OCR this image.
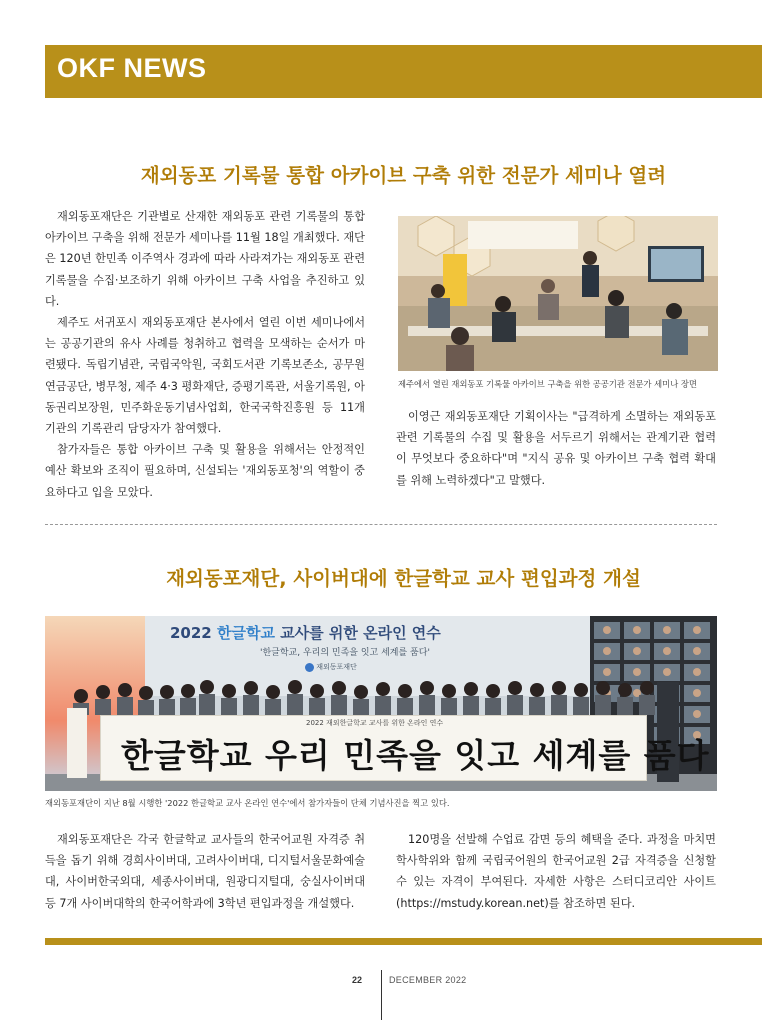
OKF NEWS
재외동포 기록물 통합 아카이브 구축 위한 전문가 세미나 열려

재외동포재단은 기관별로 산재한 재외동포 관련 기록물의 통합 아카이브 구축을 위해 전문가 세미나를 11월 18일 개최했다. 재단은 120년 한민족 이주역사 경과에 따라 사라져가는 재외동포 관련 기록물을 수집·보조하기 위해 아카이브 구축 사업을 추진하고 있다.

제주도 서귀포시 재외동포재단 본사에서 열린 이번 세미나에서는 공공기관의 유사 사례를 청취하고 협력을 모색하는 순서가 마련됐다. 독립기념관, 국립국악원, 국회도서관 기록보존소, 공무원연금공단, 병무청, 제주 4·3 평화재단, 증평기록관, 서울기록원, 아동권리보장원, 민주화운동기념사업회, 한국국학진흥원 등 11개 기관의 기록관리 담당자가 참여했다.

참가자들은 통합 아카이브 구축 및 활용을 위해서는 안정적인 예산 확보와 조직이 필요하며, 신설되는 '재외동포청'의 역할이 중요하다고 입을 모았다.

제주에서 열린 재외동포 기록물 아카이브 구축을 위한 공공기관 전문가 세미나 장면

이영근 재외동포재단 기획이사는 "급격하게 소멸하는 재외동포 관련 기록물의 수집 및 활용을 서두르기 위해서는 관계기관 협력이 무엇보다 중요하다"며 "지식 공유 및 아카이브 구축 협력 확대를 위해 노력하겠다"고 말했다.

재외동포재단, 사이버대에 한글학교 교사 편입과정 개설
2022 한글학교 교사를 위한 온라인 연수
'한글학교, 우리의 민족을 잇고 세계를 품다'
재외동포재단
2022 재외한글학교 교사를 위한 온라인 연수
한글학교 우리 민족을 잇고 세계를 품다
재외동포재단이 지난 8월 시행한 '2022 한글학교 교사 온라인 연수'에서 참가자들이 단체 기념사진을 찍고 있다.

재외동포재단은 각국 한글학교 교사들의 한국어교원 자격증 취득을 돕기 위해 경희사이버대, 고려사이버대, 디지털서울문화예술대, 사이버한국외대, 세종사이버대, 원광디지털대, 숭실사이버대 등 7개 사이버대학의 한국어학과에 3학년 편입과정을 개설했다.

120명을 선발해 수업료 감면 등의 혜택을 준다. 과정을 마치면 학사학위와 함께 국립국어원의 한국어교원 2급 자격증을 신청할 수 있는 자격이 부여된다. 자세한 사항은 스터디코리안 사이트(https://mstudy.korean.net)를 참조하면 된다.

22	DECEMBER 2022
